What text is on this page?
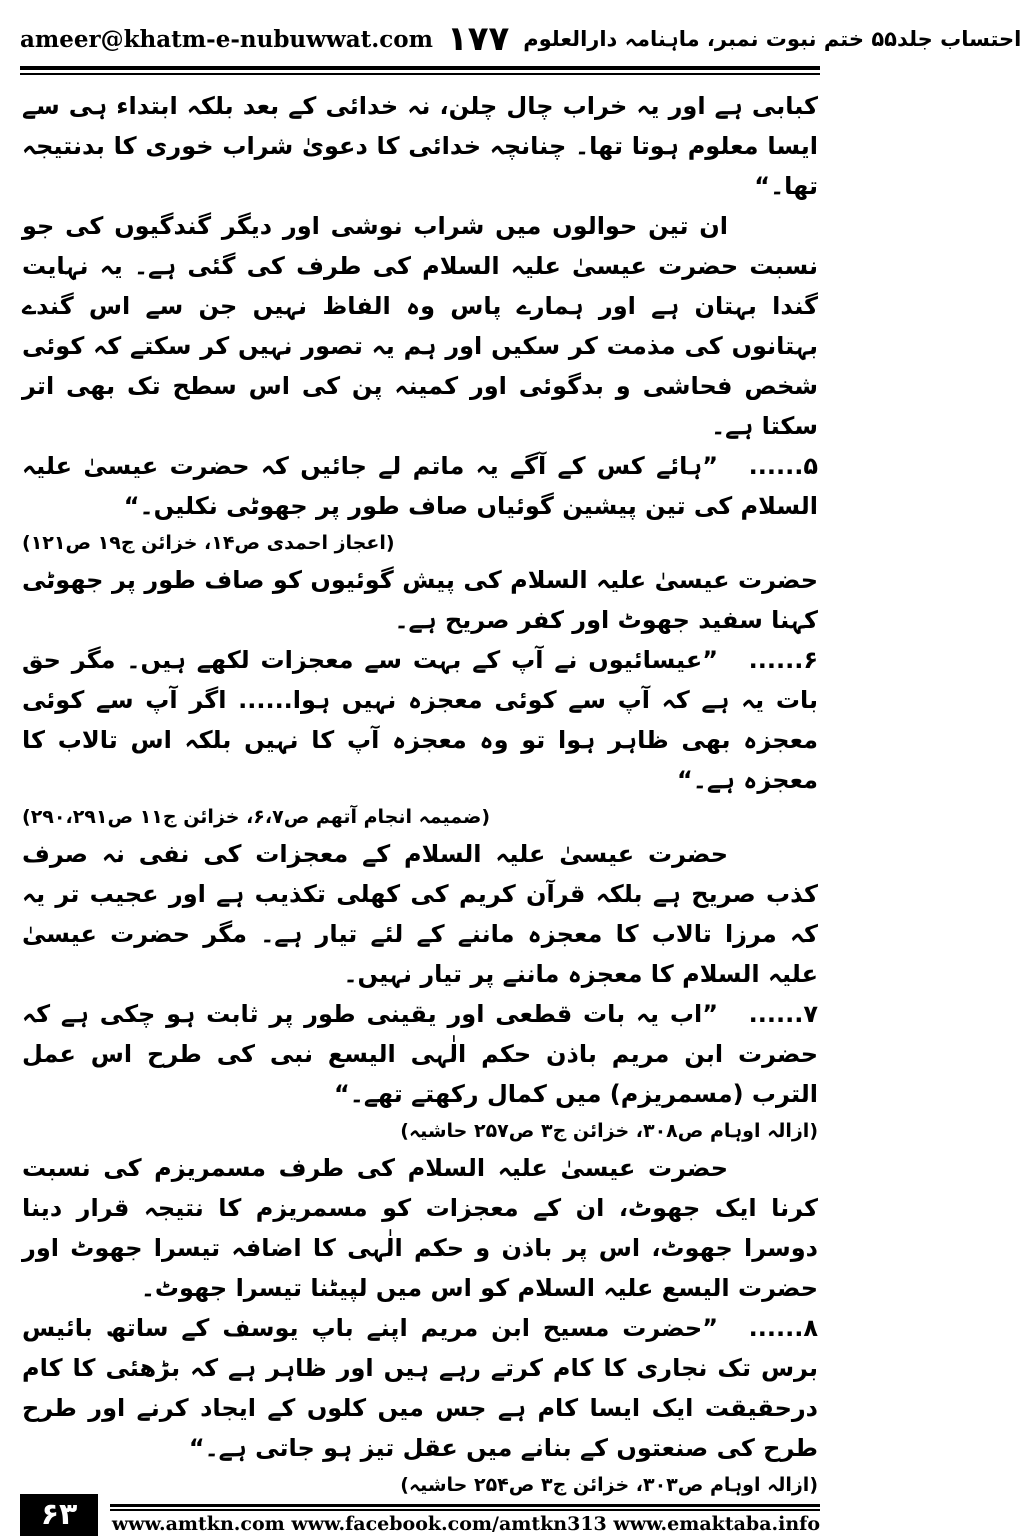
ameer@khatm-e-nubuwwat.com ۱۷۷ احتساب جلد۵۵ ختم نبوت نمبر، ماہنامہ دارالعلوم

کبابی ہے اور یہ خراب چال چلن، نہ خدائی کے بعد بلکہ ابتداء ہی سے ایسا معلوم ہوتا تھا۔ چنانچہ خدائی کا دعویٰ شراب خوری کا بدنتیجہ تھا۔“

ان تین حوالوں میں شراب نوشی اور دیگر گندگیوں کی جو نسبت حضرت عیسیٰ علیہ السلام کی طرف کی گئی ہے۔ یہ نہایت گندا بہتان ہے اور ہمارے پاس وہ الفاظ نہیں جن سے اس گندے بہتانوں کی مذمت کر سکیں اور ہم یہ تصور نہیں کر سکتے کہ کوئی شخص فحاشی و بدگوئی اور کمینہ پن کی اس سطح تک بھی اتر سکتا ہے۔

۵......”ہائے کس کے آگے یہ ماتم لے جائیں کہ حضرت عیسیٰ علیہ السلام کی تین پیشین گوئیاں صاف طور پر جھوٹی نکلیں۔“

(اعجاز احمدی ص۱۴، خزائن ج۱۹ ص۱۲۱)

حضرت عیسیٰ علیہ السلام کی پیش گوئیوں کو صاف طور پر جھوٹی کہنا سفید جھوٹ اور کفر صریح ہے۔

۶......”عیسائیوں نے آپ کے بہت سے معجزات لکھے ہیں۔ مگر حق بات یہ ہے کہ آپ سے کوئی معجزہ نہیں ہوا...... اگر آپ سے کوئی معجزہ بھی ظاہر ہوا تو وہ معجزہ آپ کا نہیں بلکہ اس تالاب کا معجزہ ہے۔“

(ضمیمہ انجام آتھم ص۶،۷، خزائن ج۱۱ ص۲۹۰،۲۹۱)

حضرت عیسیٰ علیہ السلام کے معجزات کی نفی نہ صرف کذب صریح ہے بلکہ قرآن کریم کی کھلی تکذیب ہے اور عجیب تر یہ کہ مرزا تالاب کا معجزہ ماننے کے لئے تیار ہے۔ مگر حضرت عیسیٰ علیہ السلام کا معجزہ ماننے پر تیار نہیں۔

۷......”اب یہ بات قطعی اور یقینی طور پر ثابت ہو چکی ہے کہ حضرت ابن مریم باذن حکم الٰہی الیسع نبی کی طرح اس عمل الترب (مسمریزم) میں کمال رکھتے تھے۔“

(ازالہ اوہام ص۳۰۸، خزائن ج۳ ص۲۵۷ حاشیہ)

حضرت عیسیٰ علیہ السلام کی طرف مسمریزم کی نسبت کرنا ایک جھوٹ، ان کے معجزات کو مسمریزم کا نتیجہ قرار دینا دوسرا جھوٹ، اس پر باذن و حکم الٰہی کا اضافہ تیسرا جھوٹ اور حضرت الیسع علیہ السلام کو اس میں لپیٹنا تیسرا جھوٹ۔

۸......”حضرت مسیح ابن مریم اپنے باپ یوسف کے ساتھ بائیس برس تک نجاری کا کام کرتے رہے ہیں اور ظاہر ہے کہ بڑھئی کا کام درحقیقت ایک ایسا کام ہے جس میں کلوں کے ایجاد کرنے اور طرح طرح کی صنعتوں کے بنانے میں عقل تیز ہو جاتی ہے۔“

(ازالہ اوہام ص۳۰۳، خزائن ج۳ ص۲۵۴ حاشیہ)

۶۳	www.amtkn.com www.facebook.com/amtkn313 www.emaktaba.info
